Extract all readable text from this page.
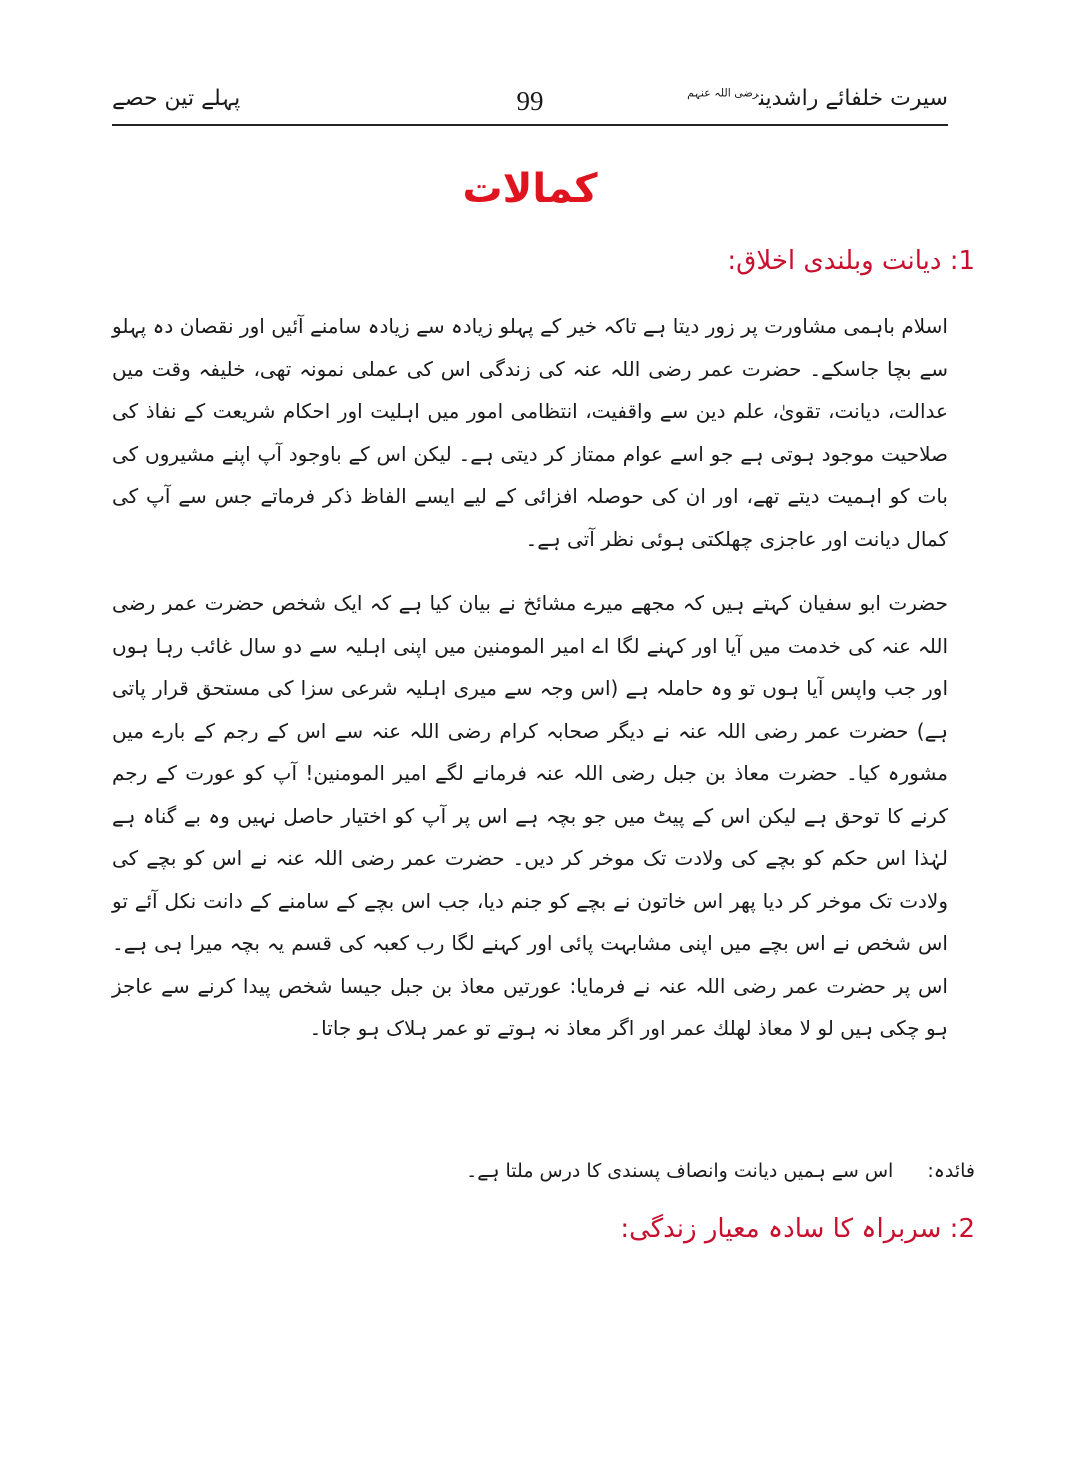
سیرت خلفائے راشدین$^{رضی اللہ عنہم}$
99
پہلے تین حصے
کمالات
1: دیانت وبلندی اخلاق:

اسلام باہمی مشاورت پر زور دیتا ہے تاکہ خیر کے پہلو زیادہ سے زیادہ سامنے آئیں اور نقصان دہ پہلو سے بچا جاسکے۔ حضرت عمر رضی اللہ عنہ کی زندگی اس کی عملی نمونہ تھی، خلیفہ وقت میں عدالت، دیانت، تقویٰ، علم دین سے واقفیت، انتظامی امور میں اہلیت اور احکام شریعت کے نفاذ کی صلاحیت موجود ہوتی ہے جو اسے عوام ممتاز کر دیتی ہے۔ لیکن اس کے باوجود آپ اپنے مشیروں کی بات کو اہمیت دیتے تھے، اور ان کی حوصلہ افزائی کے لیے ایسے الفاظ ذکر فرماتے جس سے آپ کی کمال دیانت اور عاجزی چھلکتی ہوئی نظر آتی ہے۔

حضرت ابو سفیان کہتے ہیں کہ مجھے میرے مشائخ نے بیان کیا ہے کہ ایک شخص حضرت عمر رضی اللہ عنہ کی خدمت میں آیا اور کہنے لگا اے امیر المومنین میں اپنی اہلیہ سے دو سال غائب رہا ہوں اور جب واپس آیا ہوں تو وہ حاملہ ہے (اس وجہ سے میری اہلیہ شرعی سزا کی مستحق قرار پاتی ہے) حضرت عمر رضی اللہ عنہ نے دیگر صحابہ کرام رضی اللہ عنہ سے اس کے رجم کے بارے میں مشورہ کیا۔ حضرت معاذ بن جبل رضی اللہ عنہ فرمانے لگے امیر المومنین! آپ کو عورت کے رجم کرنے کا توحق ہے لیکن اس کے پیٹ میں جو بچہ ہے اس پر آپ کو اختیار حاصل نہیں وہ بے گناہ ہے لہٰذا اس حکم کو بچے کی ولادت تک موخر کر دیں۔ حضرت عمر رضی اللہ عنہ نے اس کو بچے کی ولادت تک موخر کر دیا پھر اس خاتون نے بچے کو جنم دیا، جب اس بچے کے سامنے کے دانت نکل آئے تو اس شخص نے اس بچے میں اپنی مشابہت پائی اور کہنے لگا رب کعبہ کی قسم یہ بچہ میرا ہی ہے۔ اس پر حضرت عمر رضی اللہ عنہ نے فرمایا: عورتیں معاذ بن جبل جیسا شخص پیدا کرنے سے عاجز ہو چکی ہیں لو لا معاذ لهلك عمر اور اگر معاذ نہ ہوتے تو عمر ہلاک ہو جاتا۔

فائدہ:اس سے ہمیں دیانت وانصاف پسندی کا درس ملتا ہے۔
2: سربراہ کا سادہ معیار زندگی:
